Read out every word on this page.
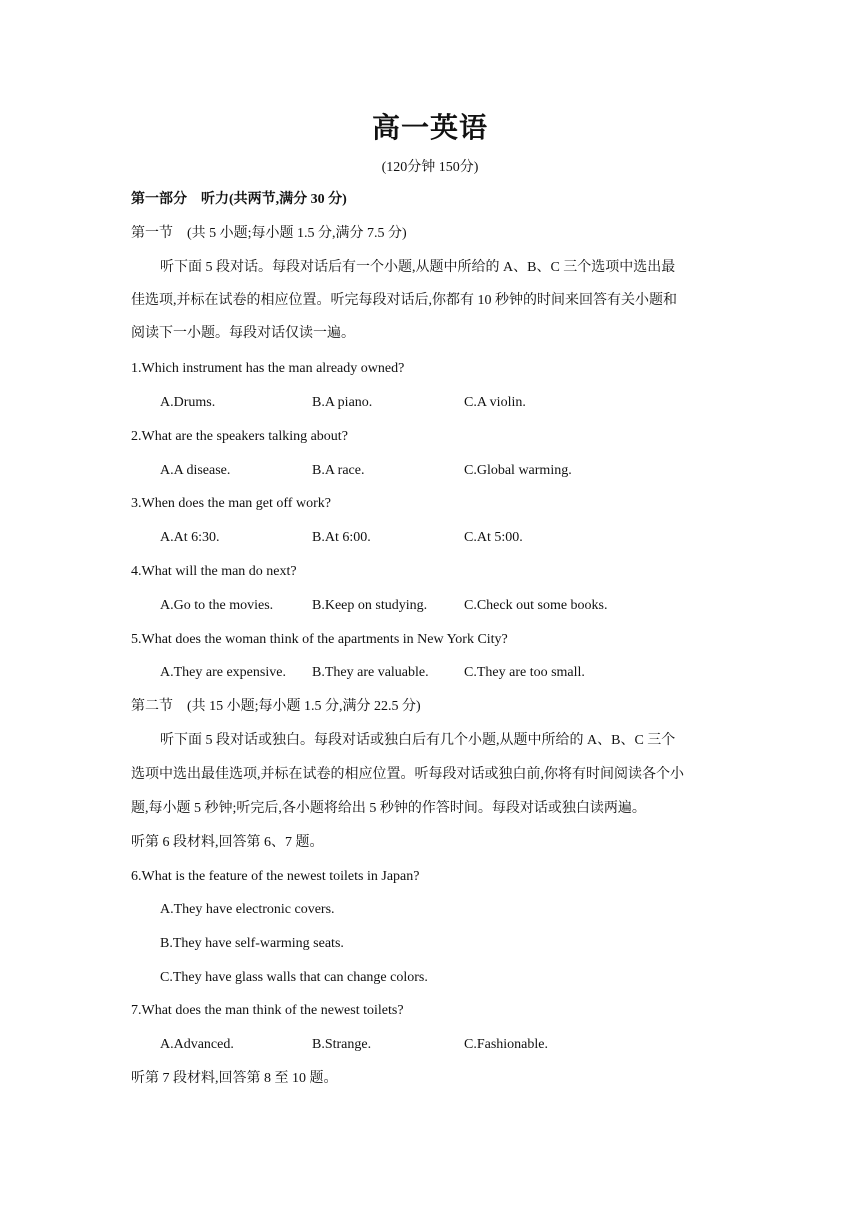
高一英语
(120分钟 150分)
第一部分　听力(共两节,满分 30 分)
第一节 (共 5 小题;每小题 1.5 分,满分 7.5 分)
听下面 5 段对话。每段对话后有一个小题,从题中所给的 A、B、C 三个选项中选出最
佳选项,并标在试卷的相应位置。听完每段对话后,你都有 10 秒钟的时间来回答有关小题和
阅读下一小题。每段对话仅读一遍。
1.Which instrument has the man already owned?
A.Drums.	B.A piano.	C.A violin.
2.What are the speakers talking about?
A.A disease.	B.A race.	C.Global warming.
3.When does the man get off work?
A.At 6:30.	B.At 6:00.	C.At 5:00.
4.What will the man do next?
A.Go to the movies.	B.Keep on studying.	C.Check out some books.
5.What does the woman think of the apartments in New York City?
A.They are expensive. B.They are valuable.	C.They are too small.
第二节 (共 15 小题;每小题 1.5 分,满分 22.5 分)
听下面 5 段对话或独白。每段对话或独白后有几个小题,从题中所给的 A、B、C 三个
选项中选出最佳选项,并标在试卷的相应位置。听每段对话或独白前,你将有时间阅读各个小
题,每小题 5 秒钟;听完后,各小题将给出 5 秒钟的作答时间。每段对话或独白读两遍。
听第 6 段材料,回答第 6、7 题。
6.What is the feature of the newest toilets in Japan?
A.They have electronic covers.
B.They have self-warming seats.
C.They have glass walls that can change colors.
7.What does the man think of the newest toilets?
A.Advanced.	B.Strange.	C.Fashionable.
听第 7 段材料,回答第 8 至 10 题。
